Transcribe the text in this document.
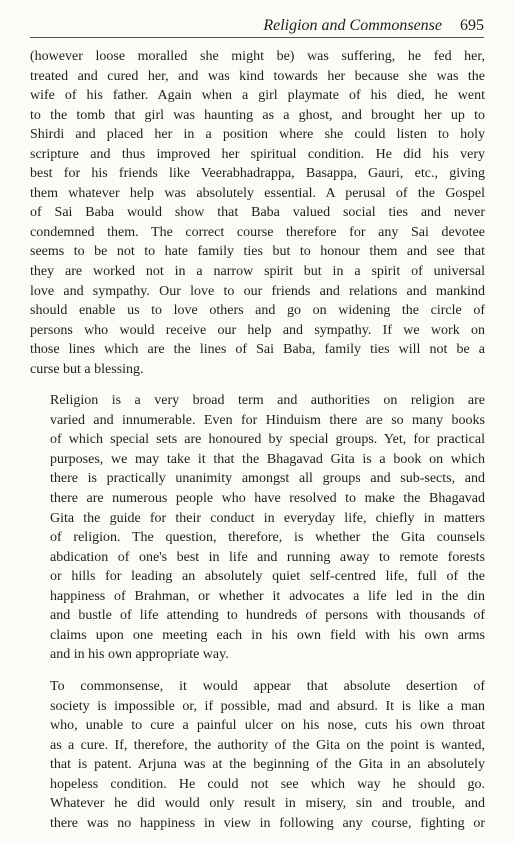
Religion and Commonsense 695
(however loose moralled she might be) was suffering, he fed her,
treated and cured her, and was kind towards her because she was the
wife of his father. Again when a girl playmate of his died, he went
to the tomb that girl was haunting as a ghost, and brought her up to
Shirdi and placed her in a position where she could listen to holy
scripture and thus improved her spiritual condition. He did his very
best for his friends like Veerabhadrappa, Basappa, Gauri, etc., giving
them whatever help was absolutely essential. A perusal of the Gospel
of Sai Baba would show that Baba valued social ties and never
condemned them. The correct course therefore for any Sai devotee
seems to be not to hate family ties but to honour them and see that
they are worked not in a narrow spirit but in a spirit of universal
love and sympathy. Our love to our friends and relations and mankind
should enable us to love others and go on widening the circle of
persons who would receive our help and sympathy. If we work on
those lines which are the lines of Sai Baba, family ties will not be a
curse but a blessing.
Religion is a very broad term and authorities on religion are
varied and innumerable. Even for Hinduism there are so many books
of which special sets are honoured by special groups. Yet, for practical
purposes, we may take it that the Bhagavad Gita is a book on which
there is practically unanimity amongst all groups and sub-sects, and
there are numerous people who have resolved to make the Bhagavad
Gita the guide for their conduct in everyday life, chiefly in matters
of religion. The question, therefore, is whether the Gita counsels
abdication of one's best in life and running away to remote forests
or hills for leading an absolutely quiet self-centred life, full of the
happiness of Brahman, or whether it advocates a life led in the din
and bustle of life attending to hundreds of persons with thousands of
claims upon one meeting each in his own field with his own arms
and in his own appropriate way.
To commonsense, it would appear that absolute desertion of
society is impossible or, if possible, mad and absurd. It is like a man
who, unable to cure a painful ulcer on his nose, cuts his own throat
as a cure. If, therefore, the authority of the Gita on the point is wanted,
that is patent. Arjuna was at the beginning of the Gita in an absolutely
hopeless condition. He could not see which way he should go.
Whatever he did would only result in misery, sin and trouble, and
there was no happiness in view in following any course, fighting or
